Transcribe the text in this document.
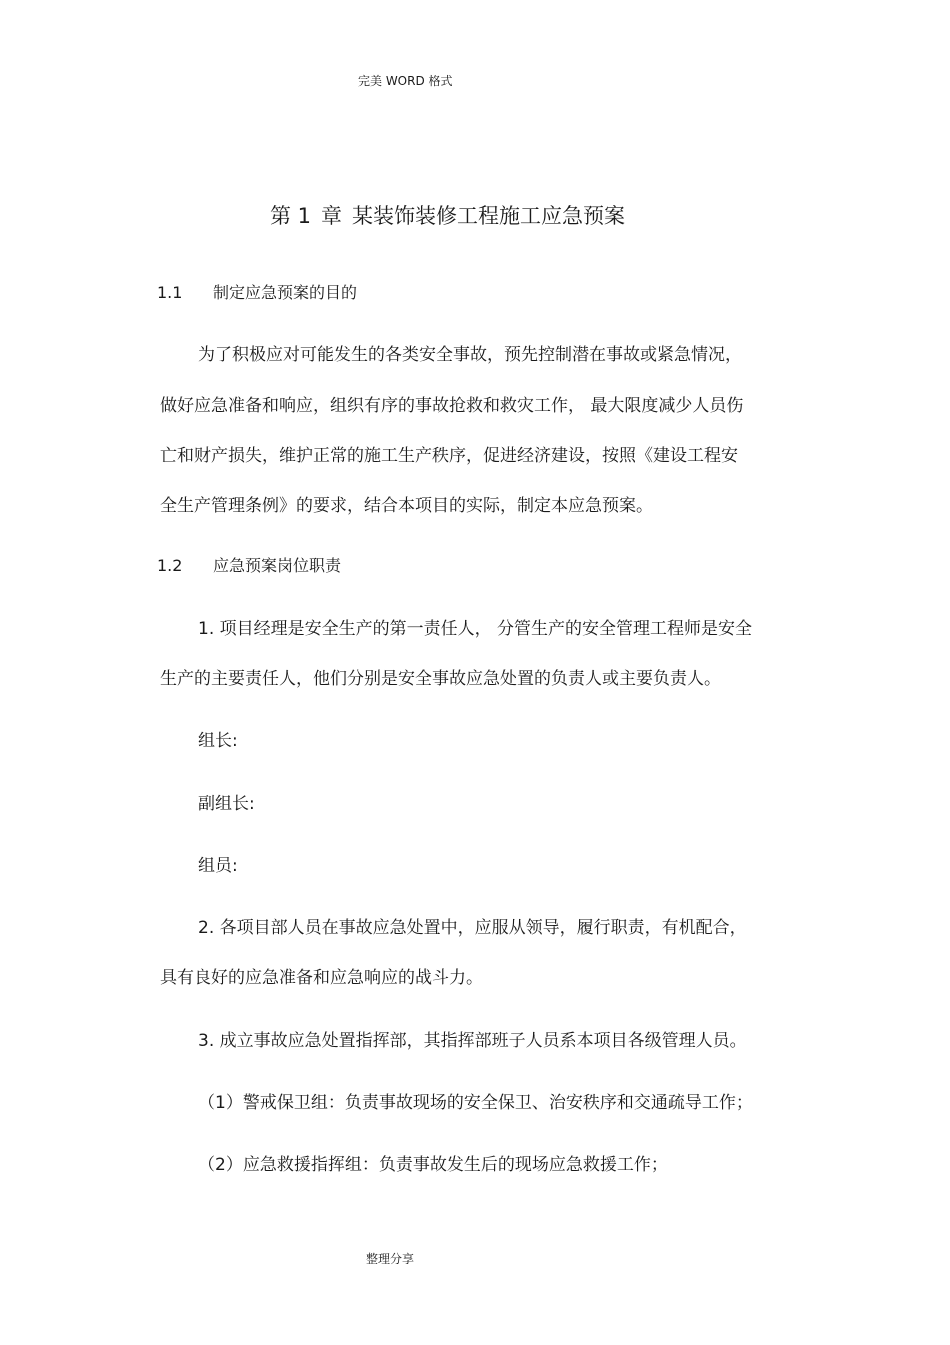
完美 WORD 格式
第 1 章 某装饰装修工程施工应急预案
1.1 制定应急预案的目的
为了积极应对可能发生的各类安全事故，预先控制潜在事故或紧急情况，
做好应急准备和响应，组织有序的事故抢救和救灾工作， 最大限度减少人员伤
亡和财产损失，维护正常的施工生产秩序，促进经济建设，按照《建设工程安
全生产管理条例》的要求，结合本项目的实际，制定本应急预案。
1.2 应急预案岗位职责
1. 项目经理是安全生产的第一责任人， 分管生产的安全管理工程师是安全
生产的主要责任人，他们分别是安全事故应急处置的负责人或主要负责人。
组长:
副组长:
组员:
2. 各项目部人员在事故应急处置中，应服从领导，履行职责，有机配合，
具有良好的应急准备和应急响应的战斗力。
3. 成立事故应急处置指挥部，其指挥部班子人员系本项目各级管理人员。
（1）警戒保卫组：负责事故现场的安全保卫、治安秩序和交通疏导工作；
（2）应急救援指挥组：负责事故发生后的现场应急救援工作；
整理分享
